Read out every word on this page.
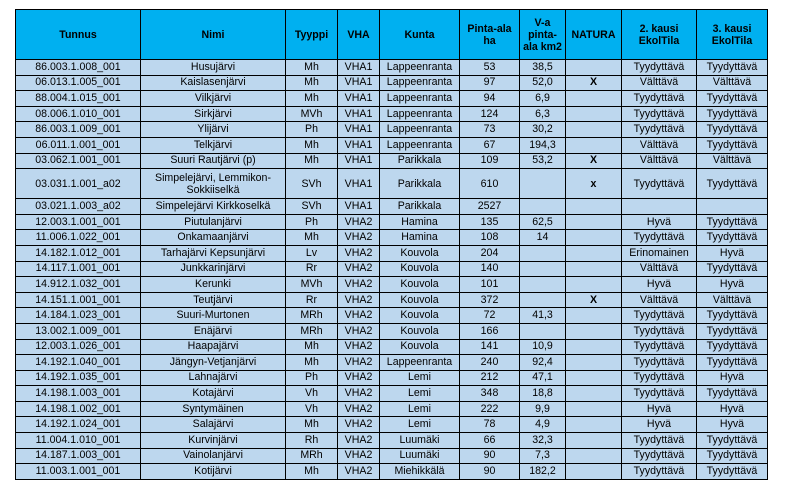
Tunnus	Nimi	Tyyppi	VHA	Kunta	Pinta-ala ha	V-a pinta-ala km2	NATURA	2. kausi EkolTila	3. kausi EkolTila
86.003.1.008_001	Husujärvi	Mh	VHA1	Lappeenranta	53	38,5		Tyydyttävä	Tyydyttävä
06.013.1.005_001	Kaislasenjärvi	Mh	VHA1	Lappeenranta	97	52,0	X	Välttävä	Välttävä
88.004.1.015_001	Vilkjärvi	Mh	VHA1	Lappeenranta	94	6,9		Tyydyttävä	Tyydyttävä
08.006.1.010_001	Sirkjärvi	MVh	VHA1	Lappeenranta	124	6,3		Tyydyttävä	Tyydyttävä
86.003.1.009_001	Ylijärvi	Ph	VHA1	Lappeenranta	73	30,2		Tyydyttävä	Tyydyttävä
06.011.1.001_001	Telkjärvi	Mh	VHA1	Lappeenranta	67	194,3		Välttävä	Tyydyttävä
03.062.1.001_001	Suuri Rautjärvi (p)	Mh	VHA1	Parikkala	109	53,2	X	Välttävä	Välttävä
03.031.1.001_a02	Simpelejärvi, Lemmikon-Sokkiiselkä	SVh	VHA1	Parikkala	610		x	Tyydyttävä	Tyydyttävä
03.021.1.003_a02	Simpelejärvi Kirkkoselkä	SVh	VHA1	Parikkala	2527				
12.003.1.001_001	Piutulanjärvi	Ph	VHA2	Hamina	135	62,5		Hyvä	Tyydyttävä
11.006.1.022_001	Onkamaanjärvi	Mh	VHA2	Hamina	108	14		Tyydyttävä	Tyydyttävä
14.182.1.012_001	Tarhajärvi Kepsunjärvi	Lv	VHA2	Kouvola	204			Erinomainen	Hyvä
14.117.1.001_001	Junkkarinjärvi	Rr	VHA2	Kouvola	140			Välttävä	Tyydyttävä
14.912.1.032_001	Kerunki	MVh	VHA2	Kouvola	101			Hyvä	Hyvä
14.151.1.001_001	Teutjärvi	Rr	VHA2	Kouvola	372		X	Välttävä	Välttävä
14.184.1.023_001	Suuri-Murtonen	MRh	VHA2	Kouvola	72	41,3		Tyydyttävä	Tyydyttävä
13.002.1.009_001	Enäjärvi	MRh	VHA2	Kouvola	166			Tyydyttävä	Tyydyttävä
12.003.1.026_001	Haapajärvi	Mh	VHA2	Kouvola	141	10,9		Tyydyttävä	Tyydyttävä
14.192.1.040_001	Jängyn-Vetjanjärvi	Mh	VHA2	Lappeenranta	240	92,4		Tyydyttävä	Tyydyttävä
14.192.1.035_001	Lahnajärvi	Ph	VHA2	Lemi	212	47,1		Tyydyttävä	Hyvä
14.198.1.003_001	Kotajärvi	Vh	VHA2	Lemi	348	18,8		Tyydyttävä	Tyydyttävä
14.198.1.002_001	Syntymäinen	Vh	VHA2	Lemi	222	9,9		Hyvä	Hyvä
14.192.1.024_001	Salajärvi	Mh	VHA2	Lemi	78	4,9		Hyvä	Hyvä
11.004.1.010_001	Kurvinjärvi	Rh	VHA2	Luumäki	66	32,3		Tyydyttävä	Tyydyttävä
14.187.1.003_001	Vainolanjärvi	MRh	VHA2	Luumäki	90	7,3		Tyydyttävä	Tyydyttävä
11.003.1.001_001	Kotijärvi	Mh	VHA2	Miehikkälä	90	182,2		Tyydyttävä	Tyydyttävä
